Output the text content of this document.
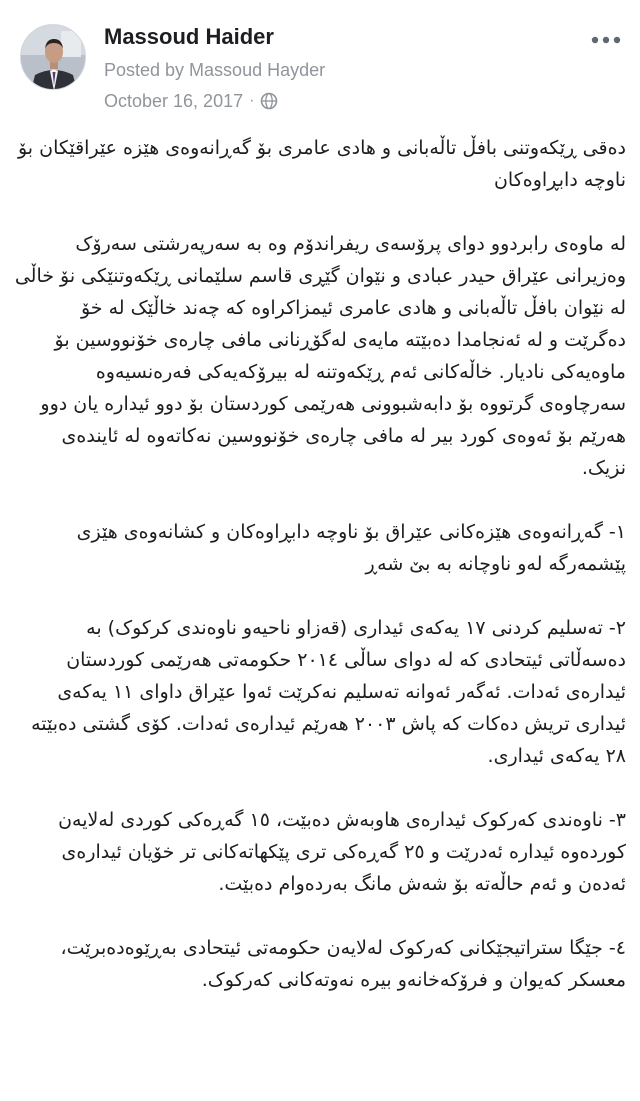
Massoud Haider
Posted by Massoud Hayder
October 16, 2017 ·

دەقی ڕێکەوتنی بافڵ تاڵەبانی و هادی عامری بۆ گەڕانەوەی هێزە عێراقێکان بۆ ناوچە دابڕاوەکان

لە ماوەی رابردوو دوای پرۆسەی ریفراندۆم وە بە سەرپەرشتی سەرۆک وەزیرانی عێراق حیدر عبادی و نێوان گێڕی قاسم سلێمانی ڕێکەوتنێکی نۆ خاڵی لە نێوان بافڵ تاڵەبانی و هادی عامری ئیمزاکراوە کە چەند خاڵێک لە خۆ دەگرێت و لە ئەنجامدا دەبێتە مایەی لەگۆڕنانی مافی چارەی خۆنووسین بۆ ماوەیەکی نادیار. خاڵەکانی ئەم ڕێکەوتنە لە بیرۆکەیەکی فەرەنسیەوە سەرچاوەی گرتووە بۆ دابەشبوونی هەرێمی کوردستان بۆ دوو ئیدارە یان دوو هەرێم بۆ ئەوەی کورد بیر لە مافی چارەی خۆنووسین نەکاتەوە لە ئایندەی نزیک.

١- گەڕانەوەی هێزەکانی عێراق بۆ ناوچە دابڕاوەکان و کشانەوەی هێزی پێشمەرگە لەو ناوچانە بە بێ شەڕ

٢- تەسلیم کردنی ١٧ یەکەی ئیداری (قەزاو ناحیەو ناوەندی کرکوک) بە دەسەڵاتی ئیتحادی کە لە دوای ساڵی ٢٠١٤ حکومەتی هەرێمی کوردستان ئیدارەی ئەدات. ئەگەر ئەوانە تەسلیم نەکرێت ئەوا عێراق داوای ١١ یەکەی ئیداری تریش دەکات کە پاش ٢٠٠٣ هەرێم ئیدارەی ئەدات. کۆی گشتی دەبێتە ٢٨ یەکەی ئیداری.

٣- ناوەندی کەرکوک ئیدارەی هاوبەش دەبێت، ١٥ گەڕەکی کوردی لەلایەن کوردەوە ئیدارە ئەدرێت و ٢٥ گەڕەکی تری پێکهاتەکانی تر خۆیان ئیدارەی ئەدەن و ئەم حاڵەتە بۆ شەش مانگ بەردەوام دەبێت.

٤- جێگا ستراتیجێکانی کەرکوک لەلایەن حکومەتی ئیتحادی بەڕێوەدەبرێت، معسکر کەیوان و فرۆکەخانەو بیرە نەوتەکانی کەرکوک.
